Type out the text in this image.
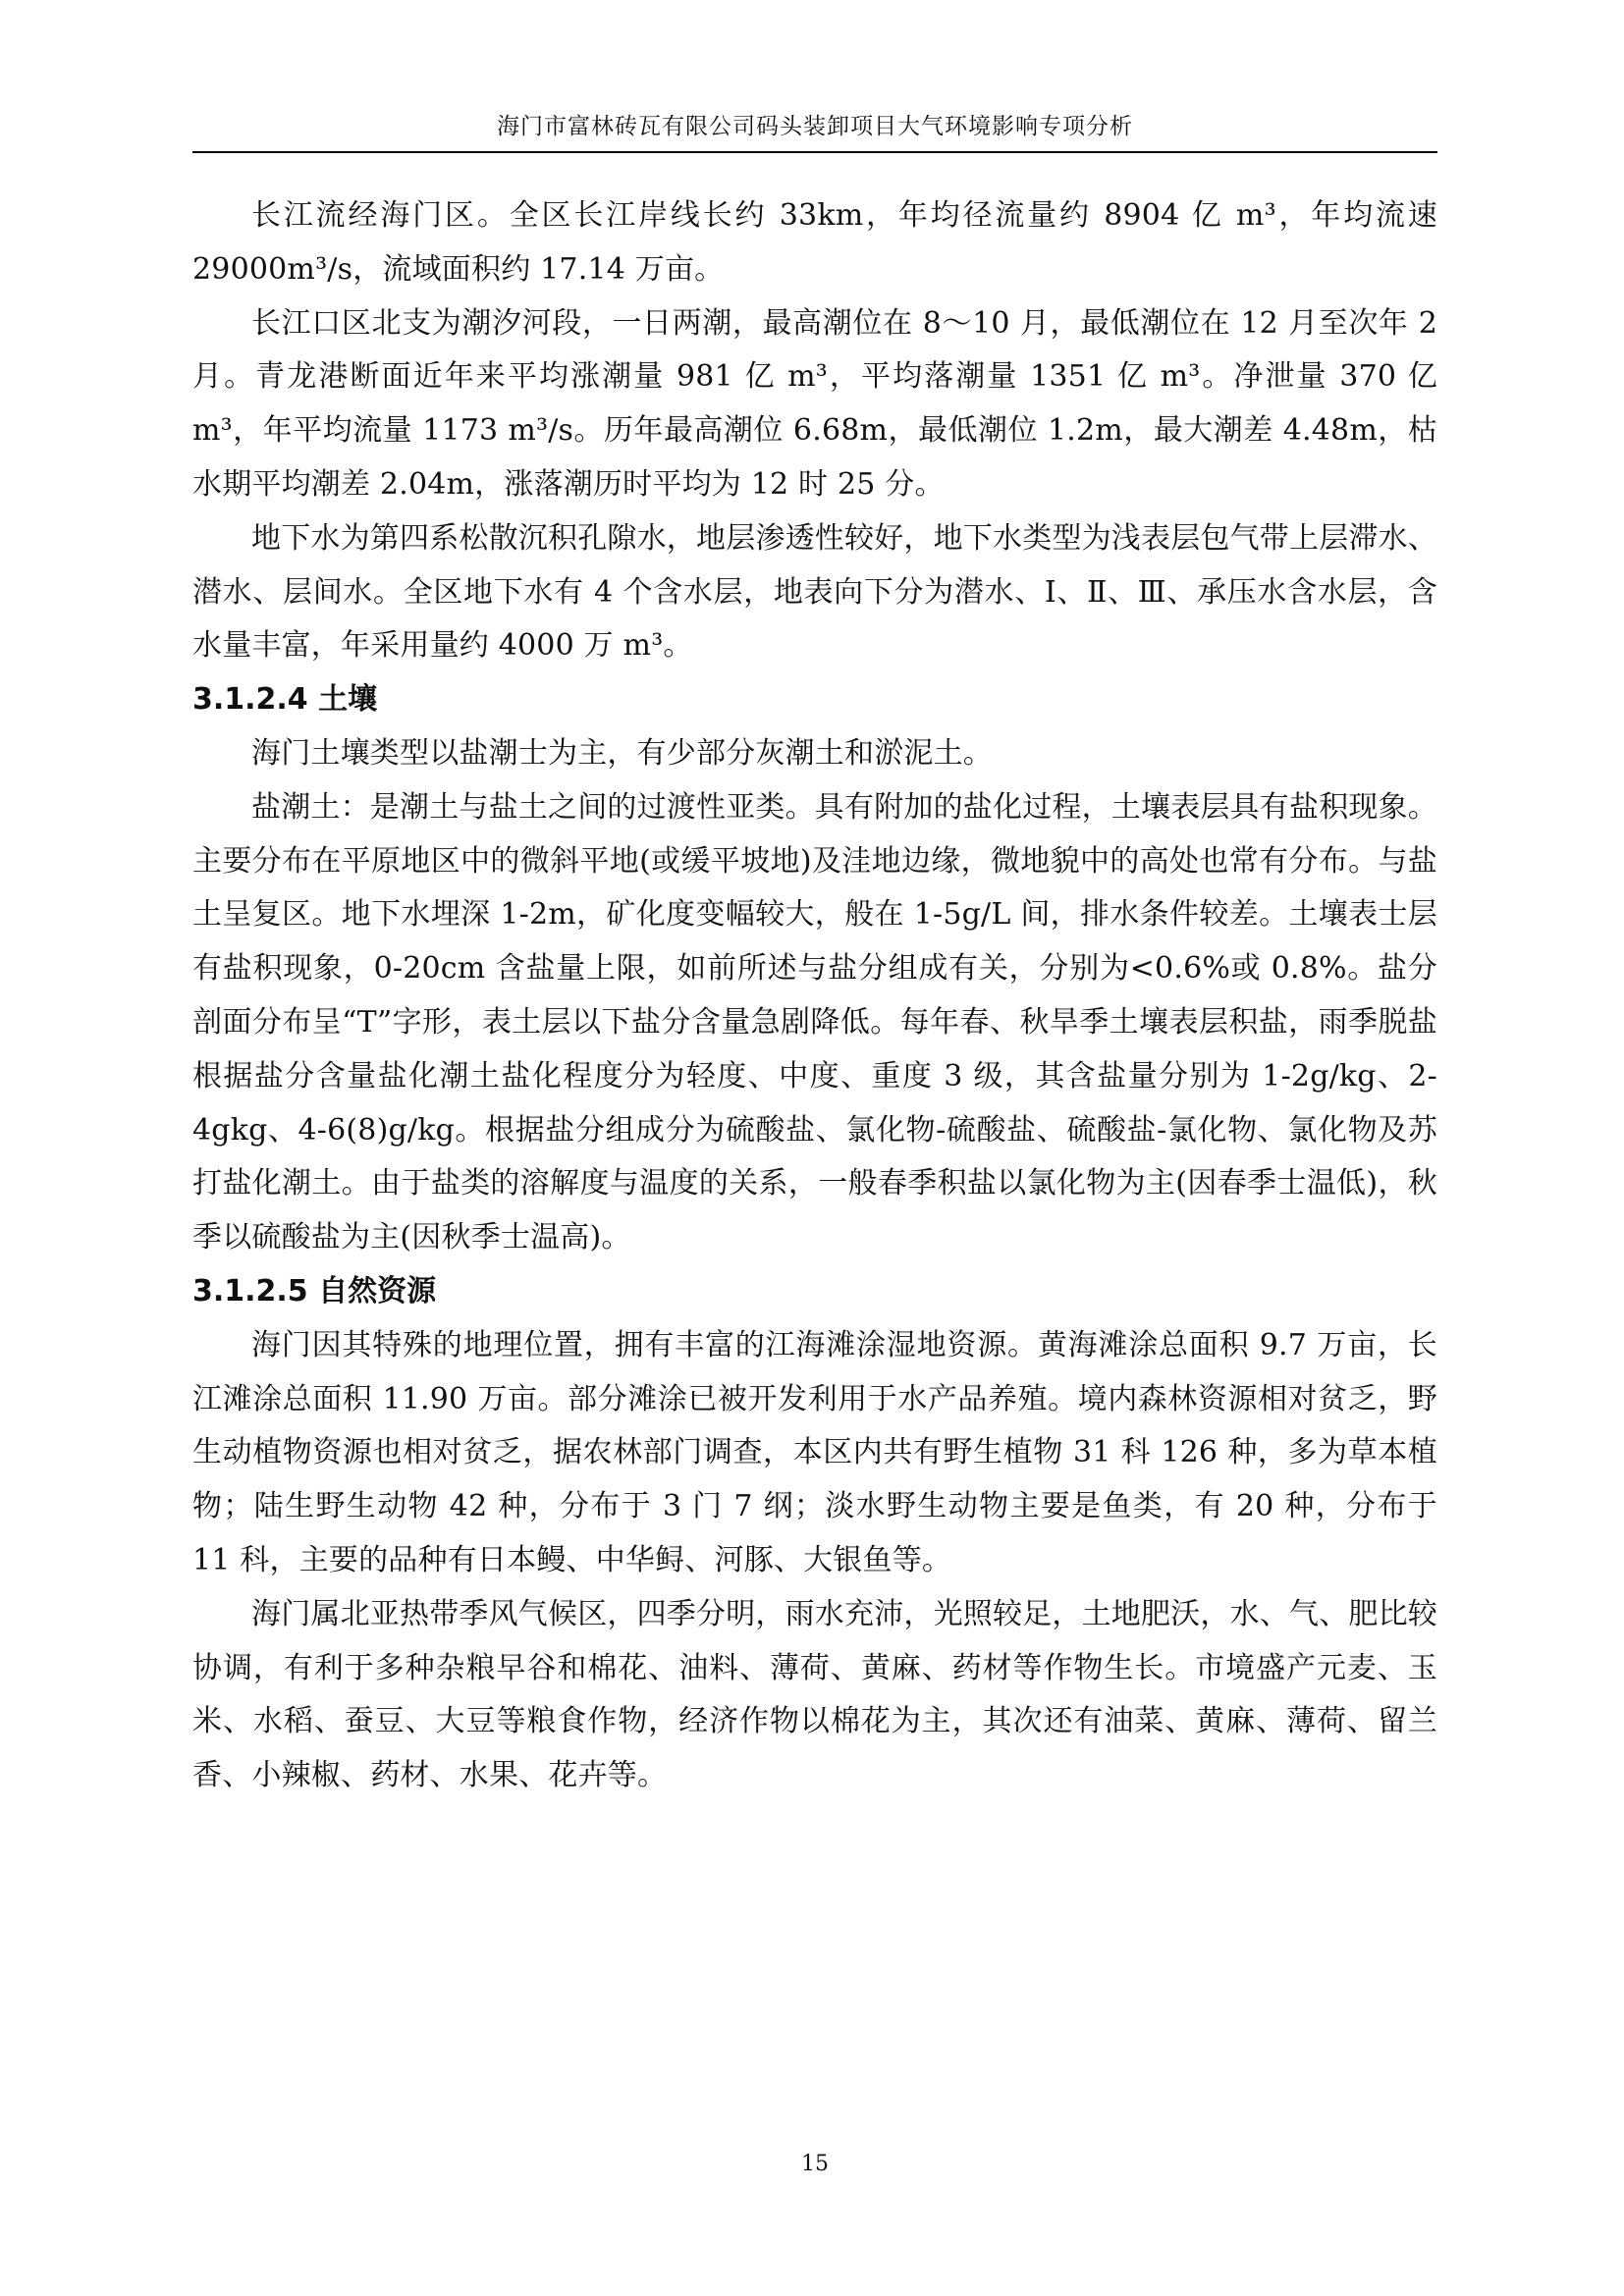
海门市富林砖瓦有限公司码头装卸项目大气环境影响专项分析

长江流经海门区。全区长江岸线长约 33km，年均径流量约 8904 亿 m³，年均流速 29000m³/s，流域面积约 17.14 万亩。

长江口区北支为潮汐河段，一日两潮，最高潮位在 8～10 月，最低潮位在 12 月至次年 2 月。青龙港断面近年来平均涨潮量 981 亿 m³，平均落潮量 1351 亿 m³。净泄量 370 亿 m³，年平均流量 1173 m³/s。历年最高潮位 6.68m，最低潮位 1.2m，最大潮差 4.48m，枯水期平均潮差 2.04m，涨落潮历时平均为 12 时 25 分。

地下水为第四系松散沉积孔隙水，地层渗透性较好，地下水类型为浅表层包气带上层滞水、潜水、层间水。全区地下水有 4 个含水层，地表向下分为潜水、Ⅰ、Ⅱ、Ⅲ、承压水含水层，含水量丰富，年采用量约 4000 万 m³。

3.1.2.4 土壤

海门土壤类型以盐潮士为主，有少部分灰潮土和淤泥土。

盐潮土：是潮土与盐土之间的过渡性亚类。具有附加的盐化过程，土壤表层具有盐积现象。主要分布在平原地区中的微斜平地(或缓平坡地)及洼地边缘，微地貌中的高处也常有分布。与盐土呈复区。地下水埋深 1-2m，矿化度变幅较大，般在 1-5g/L 间，排水条件较差。土壤表士层有盐积现象，0-20cm 含盐量上限，如前所述与盐分组成有关，分别为<0.6%或 0.8%。盐分剖面分布呈“T”字形，表土层以下盐分含量急剧降低。每年春、秋旱季土壤表层积盐，雨季脱盐根据盐分含量盐化潮土盐化程度分为轻度、中度、重度 3 级，其含盐量分别为 1-2g/kg、2-4gkg、4-6(8)g/kg。根据盐分组成分为硫酸盐、氯化物-硫酸盐、硫酸盐-氯化物、氯化物及苏打盐化潮土。由于盐类的溶解度与温度的关系，一般春季积盐以氯化物为主(因春季士温低)，秋季以硫酸盐为主(因秋季士温高)。

3.1.2.5 自然资源

海门因其特殊的地理位置，拥有丰富的江海滩涂湿地资源。黄海滩涂总面积 9.7 万亩，长江滩涂总面积 11.90 万亩。部分滩涂已被开发利用于水产品养殖。境内森林资源相对贫乏，野生动植物资源也相对贫乏，据农林部门调查，本区内共有野生植物 31 科 126 种，多为草本植物；陆生野生动物 42 种，分布于 3 门 7 纲；淡水野生动物主要是鱼类，有 20 种，分布于 11 科，主要的品种有日本鳗、中华鲟、河豚、大银鱼等。

海门属北亚热带季风气候区，四季分明，雨水充沛，光照较足，土地肥沃，水、气、肥比较协调，有利于多种杂粮早谷和棉花、油料、薄荷、黄麻、药材等作物生长。市境盛产元麦、玉米、水稻、蚕豆、大豆等粮食作物，经济作物以棉花为主，其次还有油菜、黄麻、薄荷、留兰香、小辣椒、药材、水果、花卉等。

15
